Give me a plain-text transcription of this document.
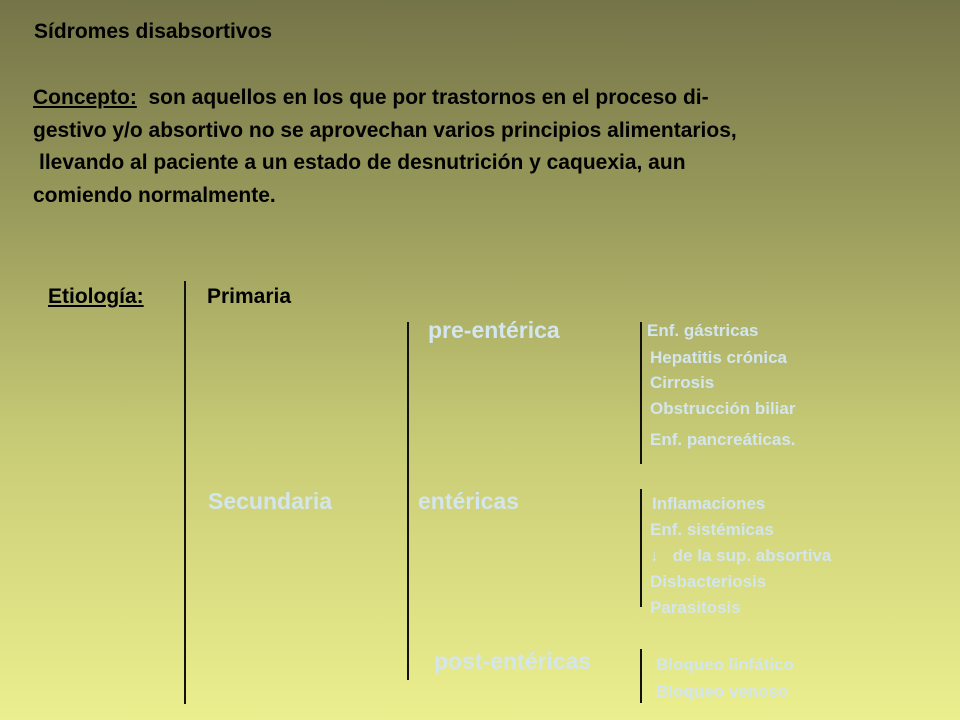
Sídromes disabsortivos
Concepto:  son aquellos en los que por trastornos en el proceso di-
gestivo y/o absortivo no se aprovechan varios principios alimentarios,
llevando al paciente a un estado de desnutrición y caquexia, aun
comiendo normalmente.
Etiología:	Primaria
pre-entérica	Enf. gástricas
Hepatitis crónica
Cirrosis
Obstrucción biliar
Enf. pancreáticas.
Secundaria	entéricas	Inflamaciones
Enf. sistémicas
↓   de la sup. absortiva
Disbacteriosis
Parasitosis
post-entéricas	Bloqueo linfático
Bloqueo venoso
